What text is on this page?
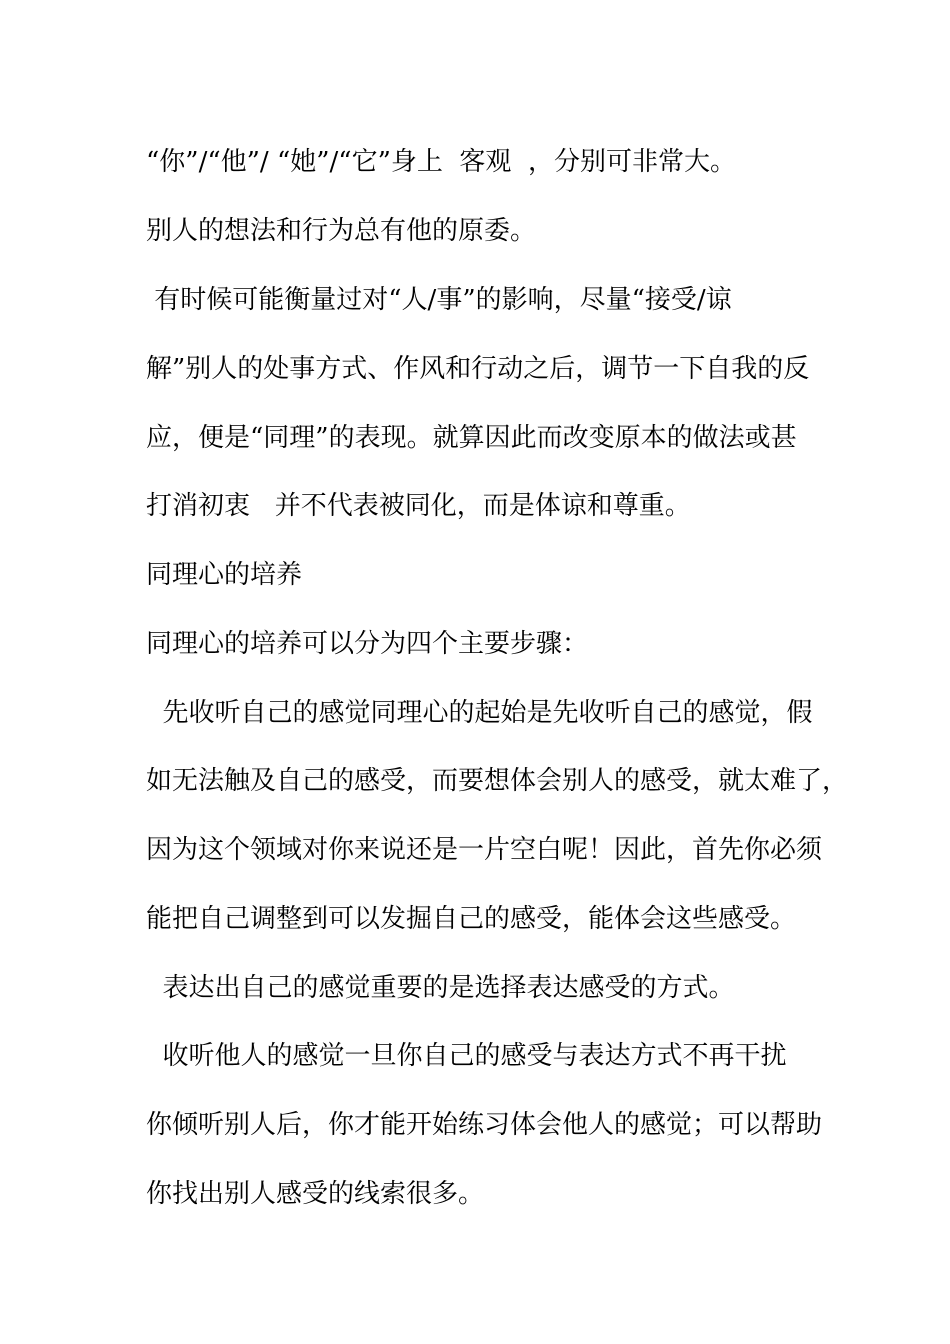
“你”/“他”/ “她”/“它”身上  客观  ，分别可非常大。
别人的想法和行为总有他的原委。
有时候可能衡量过对“人/事”的影响，尽量“接受/谅
解”别人的处事方式、作风和行动之后，调节一下自我的反
应，便是“同理”的表现。就算因此而改变原本的做法或甚
打消初衷   并不代表被同化，而是体谅和尊重。
同理心的培养
同理心的培养可以分为四个主要步骤：
先收听自己的感觉同理心的起始是先收听自己的感觉，假
如无法触及自己的感受，而要想体会别人的感受，就太难了，
因为这个领域对你来说还是一片空白呢！因此，首先你必须
能把自己调整到可以发掘自己的感受，能体会这些感受。
表达出自己的感觉重要的是选择表达感受的方式。
收听他人的感觉一旦你自己的感受与表达方式不再干扰
你倾听别人后，你才能开始练习体会他人的感觉；可以帮助
你找出别人感受的线索很多。
